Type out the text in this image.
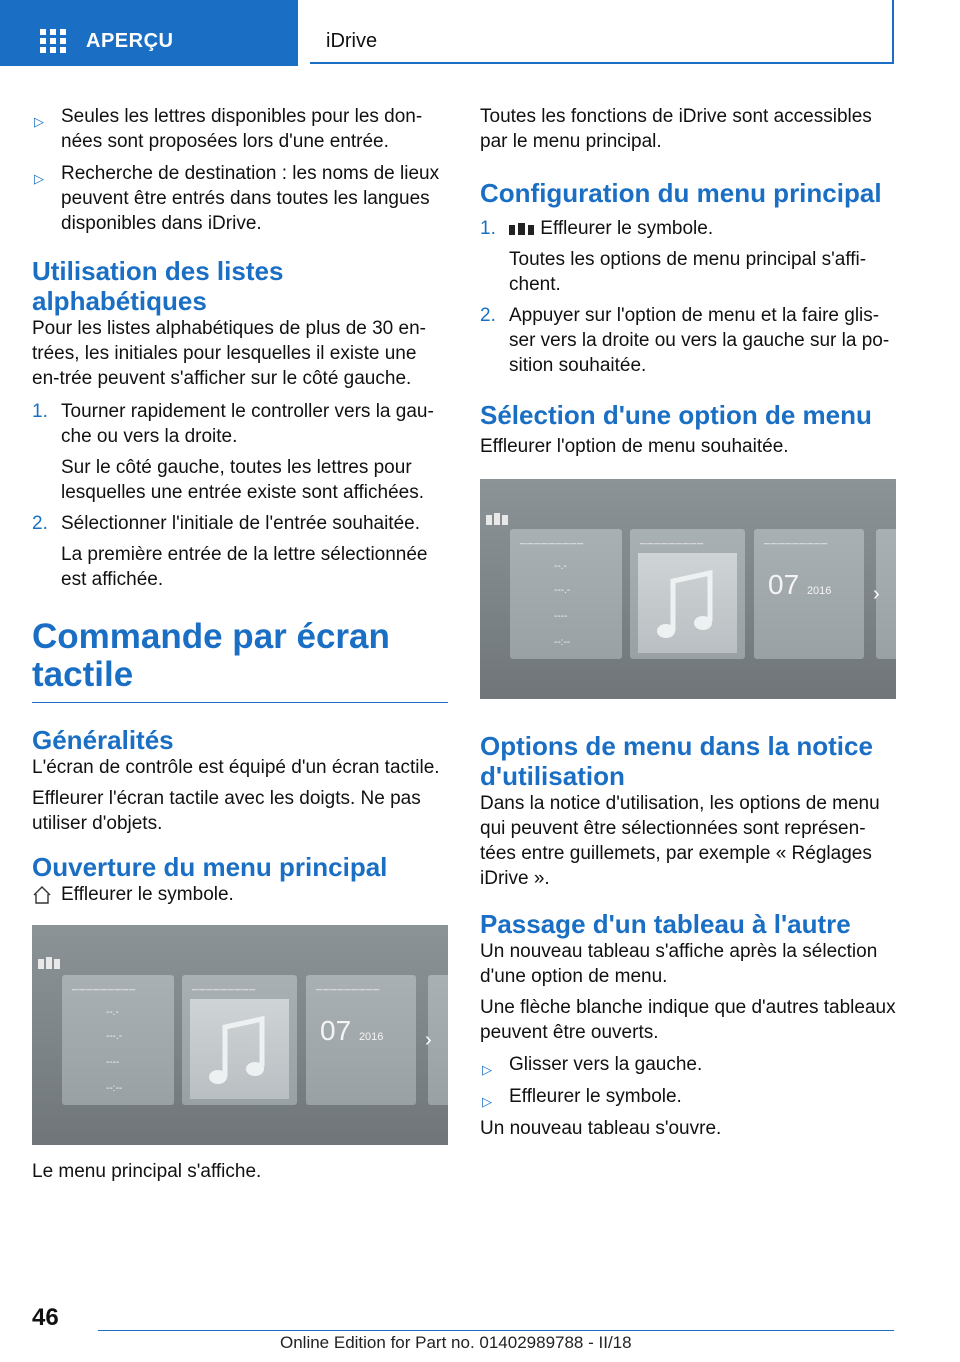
APERÇU	iDrive
▷ Seules les lettres disponibles pour les don‐nées sont proposées lors d'une entrée.
▷ Recherche de destination : les noms de lieux peuvent être entrés dans toutes les langues disponibles dans iDrive.
Utilisation des listes alphabétiques

Pour les listes alphabétiques de plus de 30 en‐trées, les initiales pour lesquelles il existe une en‐trée peuvent s'afficher sur le côté gauche.

1. Tourner rapidement le controller vers la gau‐che ou vers la droite.

Sur le côté gauche, toutes les lettres pour lesquelles une entrée existe sont affichées.

2. Sélectionner l'initiale de l'entrée souhaitée.

La première entrée de la lettre sélectionnée est affichée.

Commande par écran tactile
Généralités

L'écran de contrôle est équipé d'un écran tactile.

Effleurer l'écran tactile avec les doigts. Ne pas utiliser d'objets.

Ouverture du menu principal

Effleurer le symbole.

_________
--.-
---.-
----
--:--
_________	_________
07 2016 ›

Le menu principal s'affiche.

Toutes les fonctions de iDrive sont accessibles par le menu principal.

Configuration du menu principal
1. Effleurer le symbole.

Toutes les options de menu principal s'affi‐chent.

2. Appuyer sur l'option de menu et la faire glis‐ser vers la droite ou vers la gauche sur la po‐sition souhaitée.
Sélection d'une option de menu

Effleurer l'option de menu souhaitée.

_________
--.-
---.-
----
--:--
_________	_________
07 2016 ›
Options de menu dans la notice d'utilisation

Dans la notice d'utilisation, les options de menu qui peuvent être sélectionnées sont représen‐tées entre guillemets, par exemple « Réglages iDrive ».

Passage d'un tableau à l'autre

Un nouveau tableau s'affiche après la sélection d'une option de menu.

Une flèche blanche indique que d'autres tableaux peuvent être ouverts.

▷ Glisser vers la gauche.
▷ Effleurer le symbole.

Un nouveau tableau s'ouvre.

46
Online Edition for Part no. 01402989788 - II/18
